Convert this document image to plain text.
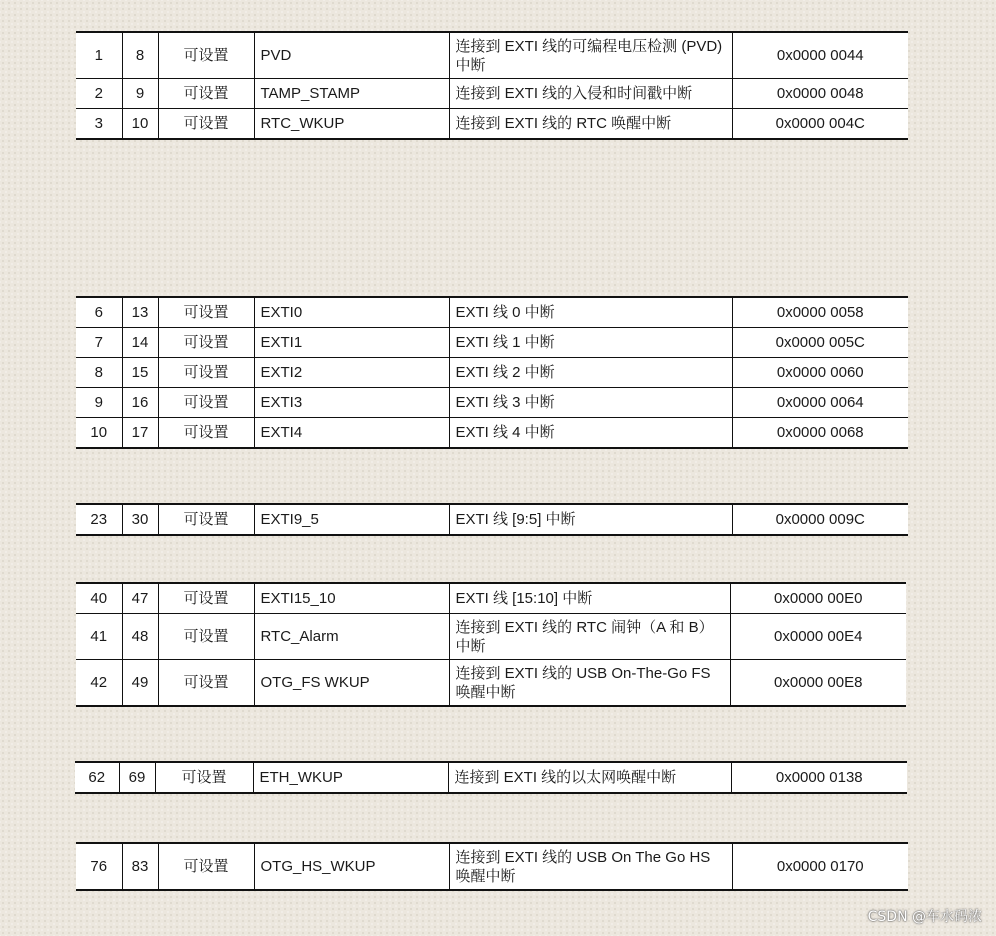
1	8	可设置	PVD	连接到 EXTI 线的可编程电压检测 (PVD) 中断	0x0000 0044
2	9	可设置	TAMP_STAMP	连接到 EXTI 线的入侵和时间戳中断	0x0000 0048
3	10	可设置	RTC_WKUP	连接到 EXTI 线的 RTC 唤醒中断	0x0000 004C
6	13	可设置	EXTI0	EXTI 线 0 中断	0x0000 0058
7	14	可设置	EXTI1	EXTI 线 1 中断	0x0000 005C
8	15	可设置	EXTI2	EXTI 线 2 中断	0x0000 0060
9	16	可设置	EXTI3	EXTI 线 3 中断	0x0000 0064
10	17	可设置	EXTI4	EXTI 线 4 中断	0x0000 0068
23	30	可设置	EXTI9_5	EXTI 线 [9:5] 中断	0x0000 009C
40	47	可设置	EXTI15_10	EXTI 线 [15:10] 中断	0x0000 00E0
41	48	可设置	RTC_Alarm	连接到 EXTI 线的 RTC 闹钟（A 和 B）中断	0x0000 00E4
42	49	可设置	OTG_FS WKUP	连接到 EXTI 线的 USB On-The-Go FS 唤醒中断	0x0000 00E8
62	69	可设置	ETH_WKUP	连接到 EXTI 线的以太网唤醒中断	0x0000 0138
76	83	可设置	OTG_HS_WKUP	连接到 EXTI 线的 USB On The Go HS 唤醒中断	0x0000 0170
CSDN @车水码浓
